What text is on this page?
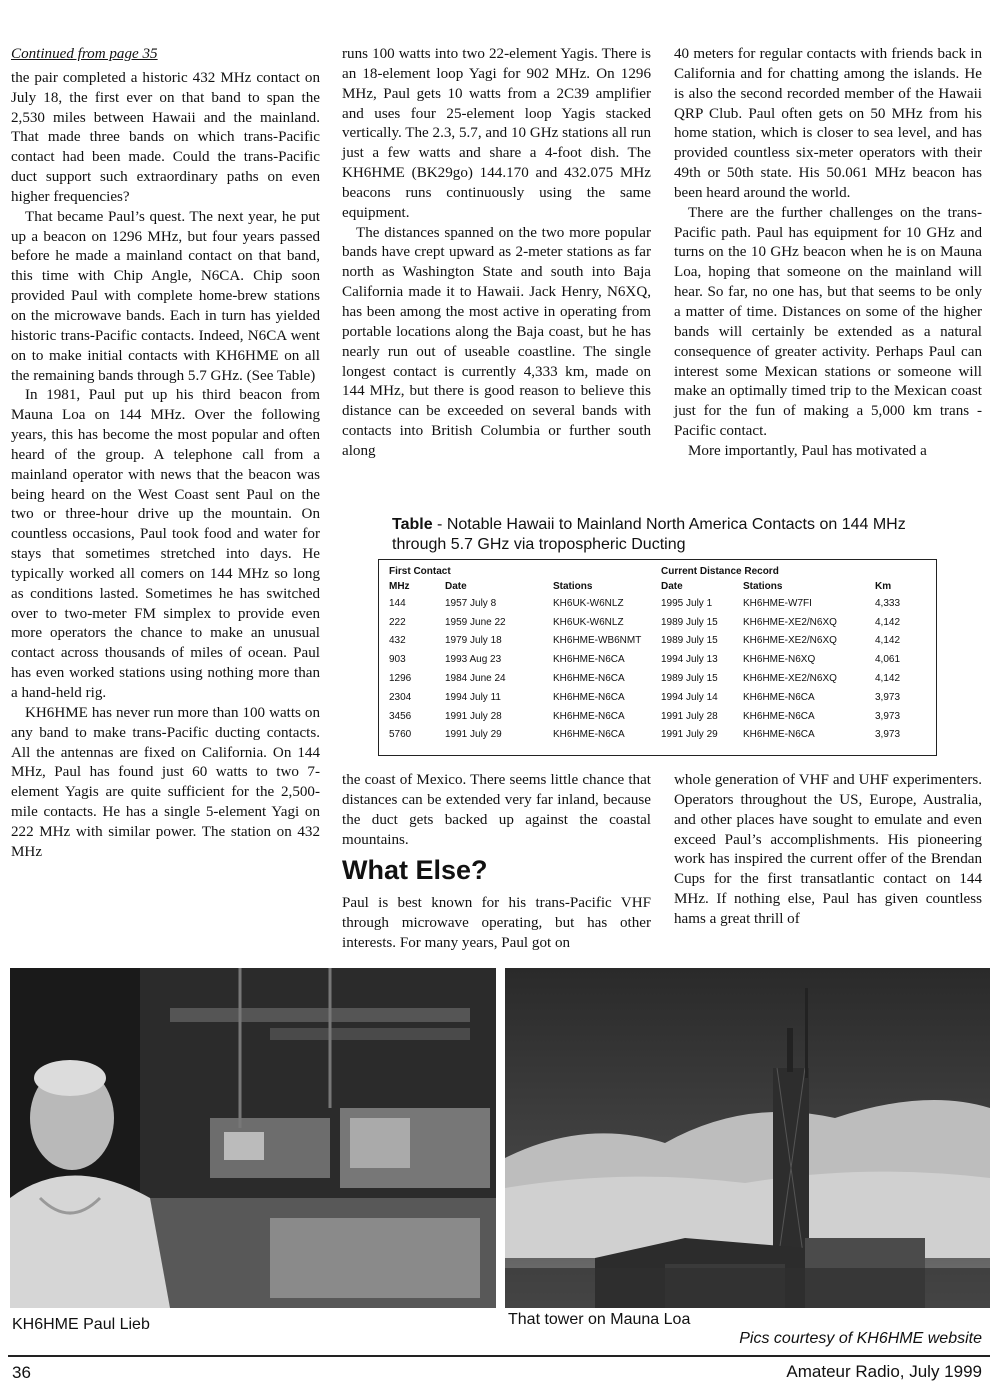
Continued from page 35

the pair completed a historic 432 MHz contact on July 18, the first ever on that band to span the 2,530 miles between Hawaii and the mainland. That made three bands on which trans-Pacific contact had been made. Could the trans-Pacific duct support such extraordinary paths on even higher frequencies?

That became Paul’s quest. The next year, he put up a beacon on 1296 MHz, but four years passed before he made a mainland contact on that band, this time with Chip Angle, N6CA. Chip soon provided Paul with complete home-brew stations on the microwave bands. Each in turn has yielded historic trans-Pacific contacts. Indeed, N6CA went on to make initial contacts with KH6HME on all the remaining bands through 5.7 GHz. (See Table)

In 1981, Paul put up his third beacon from Mauna Loa on 144 MHz. Over the following years, this has become the most popular and often heard of the group. A telephone call from a mainland operator with news that the beacon was being heard on the West Coast sent Paul on the two or three-hour drive up the mountain. On countless occasions, Paul took food and water for stays that sometimes stretched into days. He typically worked all comers on 144 MHz so long as conditions lasted. Sometimes he has switched over to two-meter FM simplex to provide even more operators the chance to make an unusual contact across thousands of miles of ocean. Paul has even worked stations using nothing more than a hand-held rig.

KH6HME has never run more than 100 watts on any band to make trans-Pacific ducting contacts. All the antennas are fixed on California. On 144 MHz, Paul has found just 60 watts to two 7-element Yagis are quite sufficient for the 2,500-mile contacts. He has a single 5-element Yagi on 222 MHz with similar power. The station on 432 MHz

runs 100 watts into two 22-element Yagis. There is an 18-element loop Yagi for 902 MHz. On 1296 MHz, Paul gets 10 watts from a 2C39 amplifier and uses four 25-element loop Yagis stacked vertically. The 2.3, 5.7, and 10 GHz stations all run just a few watts and share a 4-foot dish. The KH6HME (BK29go) 144.170 and 432.075 MHz beacons runs continuously using the same equipment.

The distances spanned on the two more popular bands have crept upward as 2-meter stations as far north as Washington State and south into Baja California made it to Hawaii. Jack Henry, N6XQ, has been among the most active in operating from portable locations along the Baja coast, but he has nearly run out of useable coastline. The single longest contact is currently 4,333 km, made on 144 MHz, but there is good reason to believe this distance can be exceeded on several bands with contacts into British Columbia or further south along

40 meters for regular contacts with friends back in California and for chatting among the islands. He is also the second recorded member of the Hawaii QRP Club. Paul often gets on 50 MHz from his home station, which is closer to sea level, and has provided countless six-meter operators with their 49th or 50th state. His 50.061 MHz beacon has been heard around the world.

There are the further challenges on the trans-Pacific path. Paul has equipment for 10 GHz and turns on the 10 GHz beacon when he is on Mauna Loa, hoping that someone on the mainland will hear. So far, no one has, but that seems to be only a matter of time. Distances on some of the higher bands will certainly be extended as a natural consequence of greater activity. Perhaps Paul can interest some Mexican stations or someone will make an optimally timed trip to the Mexican coast just for the fun of making a 5,000 km trans -Pacific contact.

More importantly, Paul has motivated a

Table - Notable Hawaii to Mainland North America Contacts on 144 MHz through 5.7 GHz via tropospheric Ducting
First Contact			Current Distance Record		
MHz	Date	Stations	Date	Stations	Km
144	1957 July 8	KH6UK-W6NLZ	1995 July 1	KH6HME-W7FI	4,333
222	1959 June 22	KH6UK-W6NLZ	1989 July 15	KH6HME-XE2/N6XQ	4,142
432	1979 July 18	KH6HME-WB6NMT	1989 July 15	KH6HME-XE2/N6XQ	4,142
903	1993 Aug 23	KH6HME-N6CA	1994 July 13	KH6HME-N6XQ	4,061
1296	1984 June 24	KH6HME-N6CA	1989 July 15	KH6HME-XE2/N6XQ	4,142
2304	1994 July 11	KH6HME-N6CA	1994 July 14	KH6HME-N6CA	3,973
3456	1991 July 28	KH6HME-N6CA	1991 July 28	KH6HME-N6CA	3,973
5760	1991 July 29	KH6HME-N6CA	1991 July 29	KH6HME-N6CA	3,973

the coast of Mexico. There seems little chance that distances can be extended very far inland, because the duct gets backed up against the coastal mountains.

What Else?

Paul is best known for his trans-Pacific VHF through microwave operating, but has other interests. For many years, Paul got on

whole generation of VHF and UHF experimenters. Operators throughout the US, Europe, Australia, and other places have sought to emulate and even exceed Paul’s accomplishments. His pioneering work has inspired the current offer of the Brendan Cups for the first transatlantic contact on 144 MHz. If nothing else, Paul has given countless hams a great thrill of

KH6HME Paul Lieb	That tower on Mauna Loa
Pics courtesy of KH6HME website
36	Amateur Radio, July 1999
